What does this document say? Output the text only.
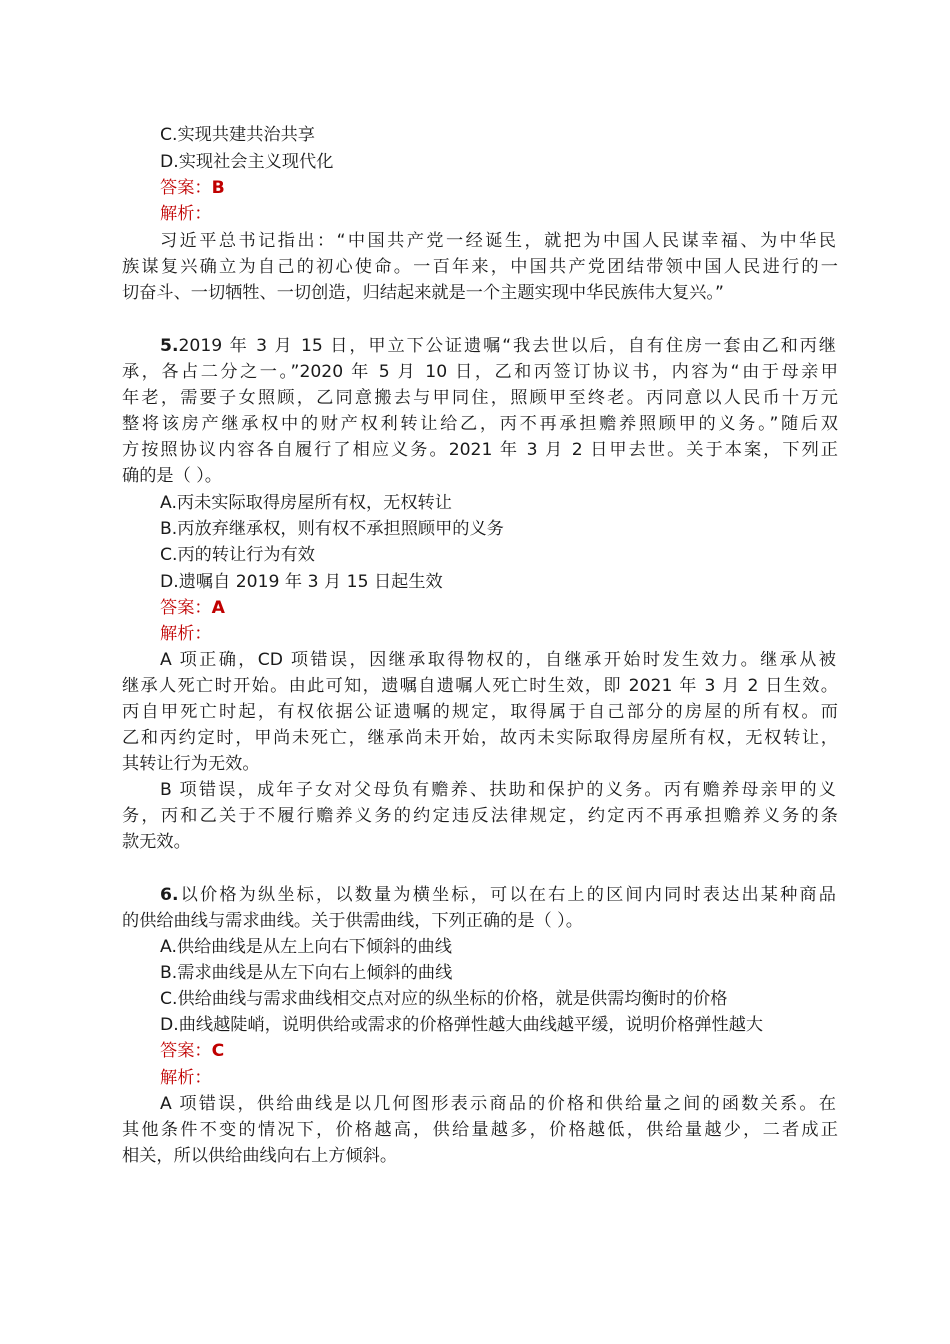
C.实现共建共治共享
D.实现社会主义现代化
答案：B
解析：
习近平总书记指出：“中国共产党一经诞生，就把为中国人民谋幸福、为中华民
族谋复兴确立为自己的初心使命。一百年来，中国共产党团结带领中国人民进行的一
切奋斗、一切牺牲、一切创造，归结起来就是一个主题实现中华民族伟大复兴。”
5.2019 年 3 月 15 日，甲立下公证遗嘱“我去世以后，自有住房一套由乙和丙继
承，各占二分之一。”2020 年 5 月 10 日，乙和丙签订协议书，内容为“由于母亲甲
年老，需要子女照顾，乙同意搬去与甲同住，照顾甲至终老。丙同意以人民币十万元
整将该房产继承权中的财产权利转让给乙，丙不再承担赡养照顾甲的义务。”随后双
方按照协议内容各自履行了相应义务。2021 年 3 月 2 日甲去世。关于本案，下列正
确的是（ ）。
A.丙未实际取得房屋所有权，无权转让
B.丙放弃继承权，则有权不承担照顾甲的义务
C.丙的转让行为有效
D.遗嘱自 2019 年 3 月 15 日起生效
答案：A
解析：
A 项正确，CD 项错误，因继承取得物权的，自继承开始时发生效力。继承从被
继承人死亡时开始。由此可知，遗嘱自遗嘱人死亡时生效，即 2021 年 3 月 2 日生效。
丙自甲死亡时起，有权依据公证遗嘱的规定，取得属于自己部分的房屋的所有权。而
乙和丙约定时，甲尚未死亡，继承尚未开始，故丙未实际取得房屋所有权，无权转让，
其转让行为无效。
B 项错误，成年子女对父母负有赡养、扶助和保护的义务。丙有赡养母亲甲的义
务，丙和乙关于不履行赡养义务的约定违反法律规定，约定丙不再承担赡养义务的条
款无效。
6.以价格为纵坐标，以数量为横坐标，可以在右上的区间内同时表达出某种商品
的供给曲线与需求曲线。关于供需曲线，下列正确的是（ ）。
A.供给曲线是从左上向右下倾斜的曲线
B.需求曲线是从左下向右上倾斜的曲线
C.供给曲线与需求曲线相交点对应的纵坐标的价格，就是供需均衡时的价格
D.曲线越陡峭，说明供给或需求的价格弹性越大曲线越平缓，说明价格弹性越大
答案：C
解析：
A 项错误，供给曲线是以几何图形表示商品的价格和供给量之间的函数关系。在
其他条件不变的情况下，价格越高，供给量越多，价格越低，供给量越少，二者成正
相关，所以供给曲线向右上方倾斜。
